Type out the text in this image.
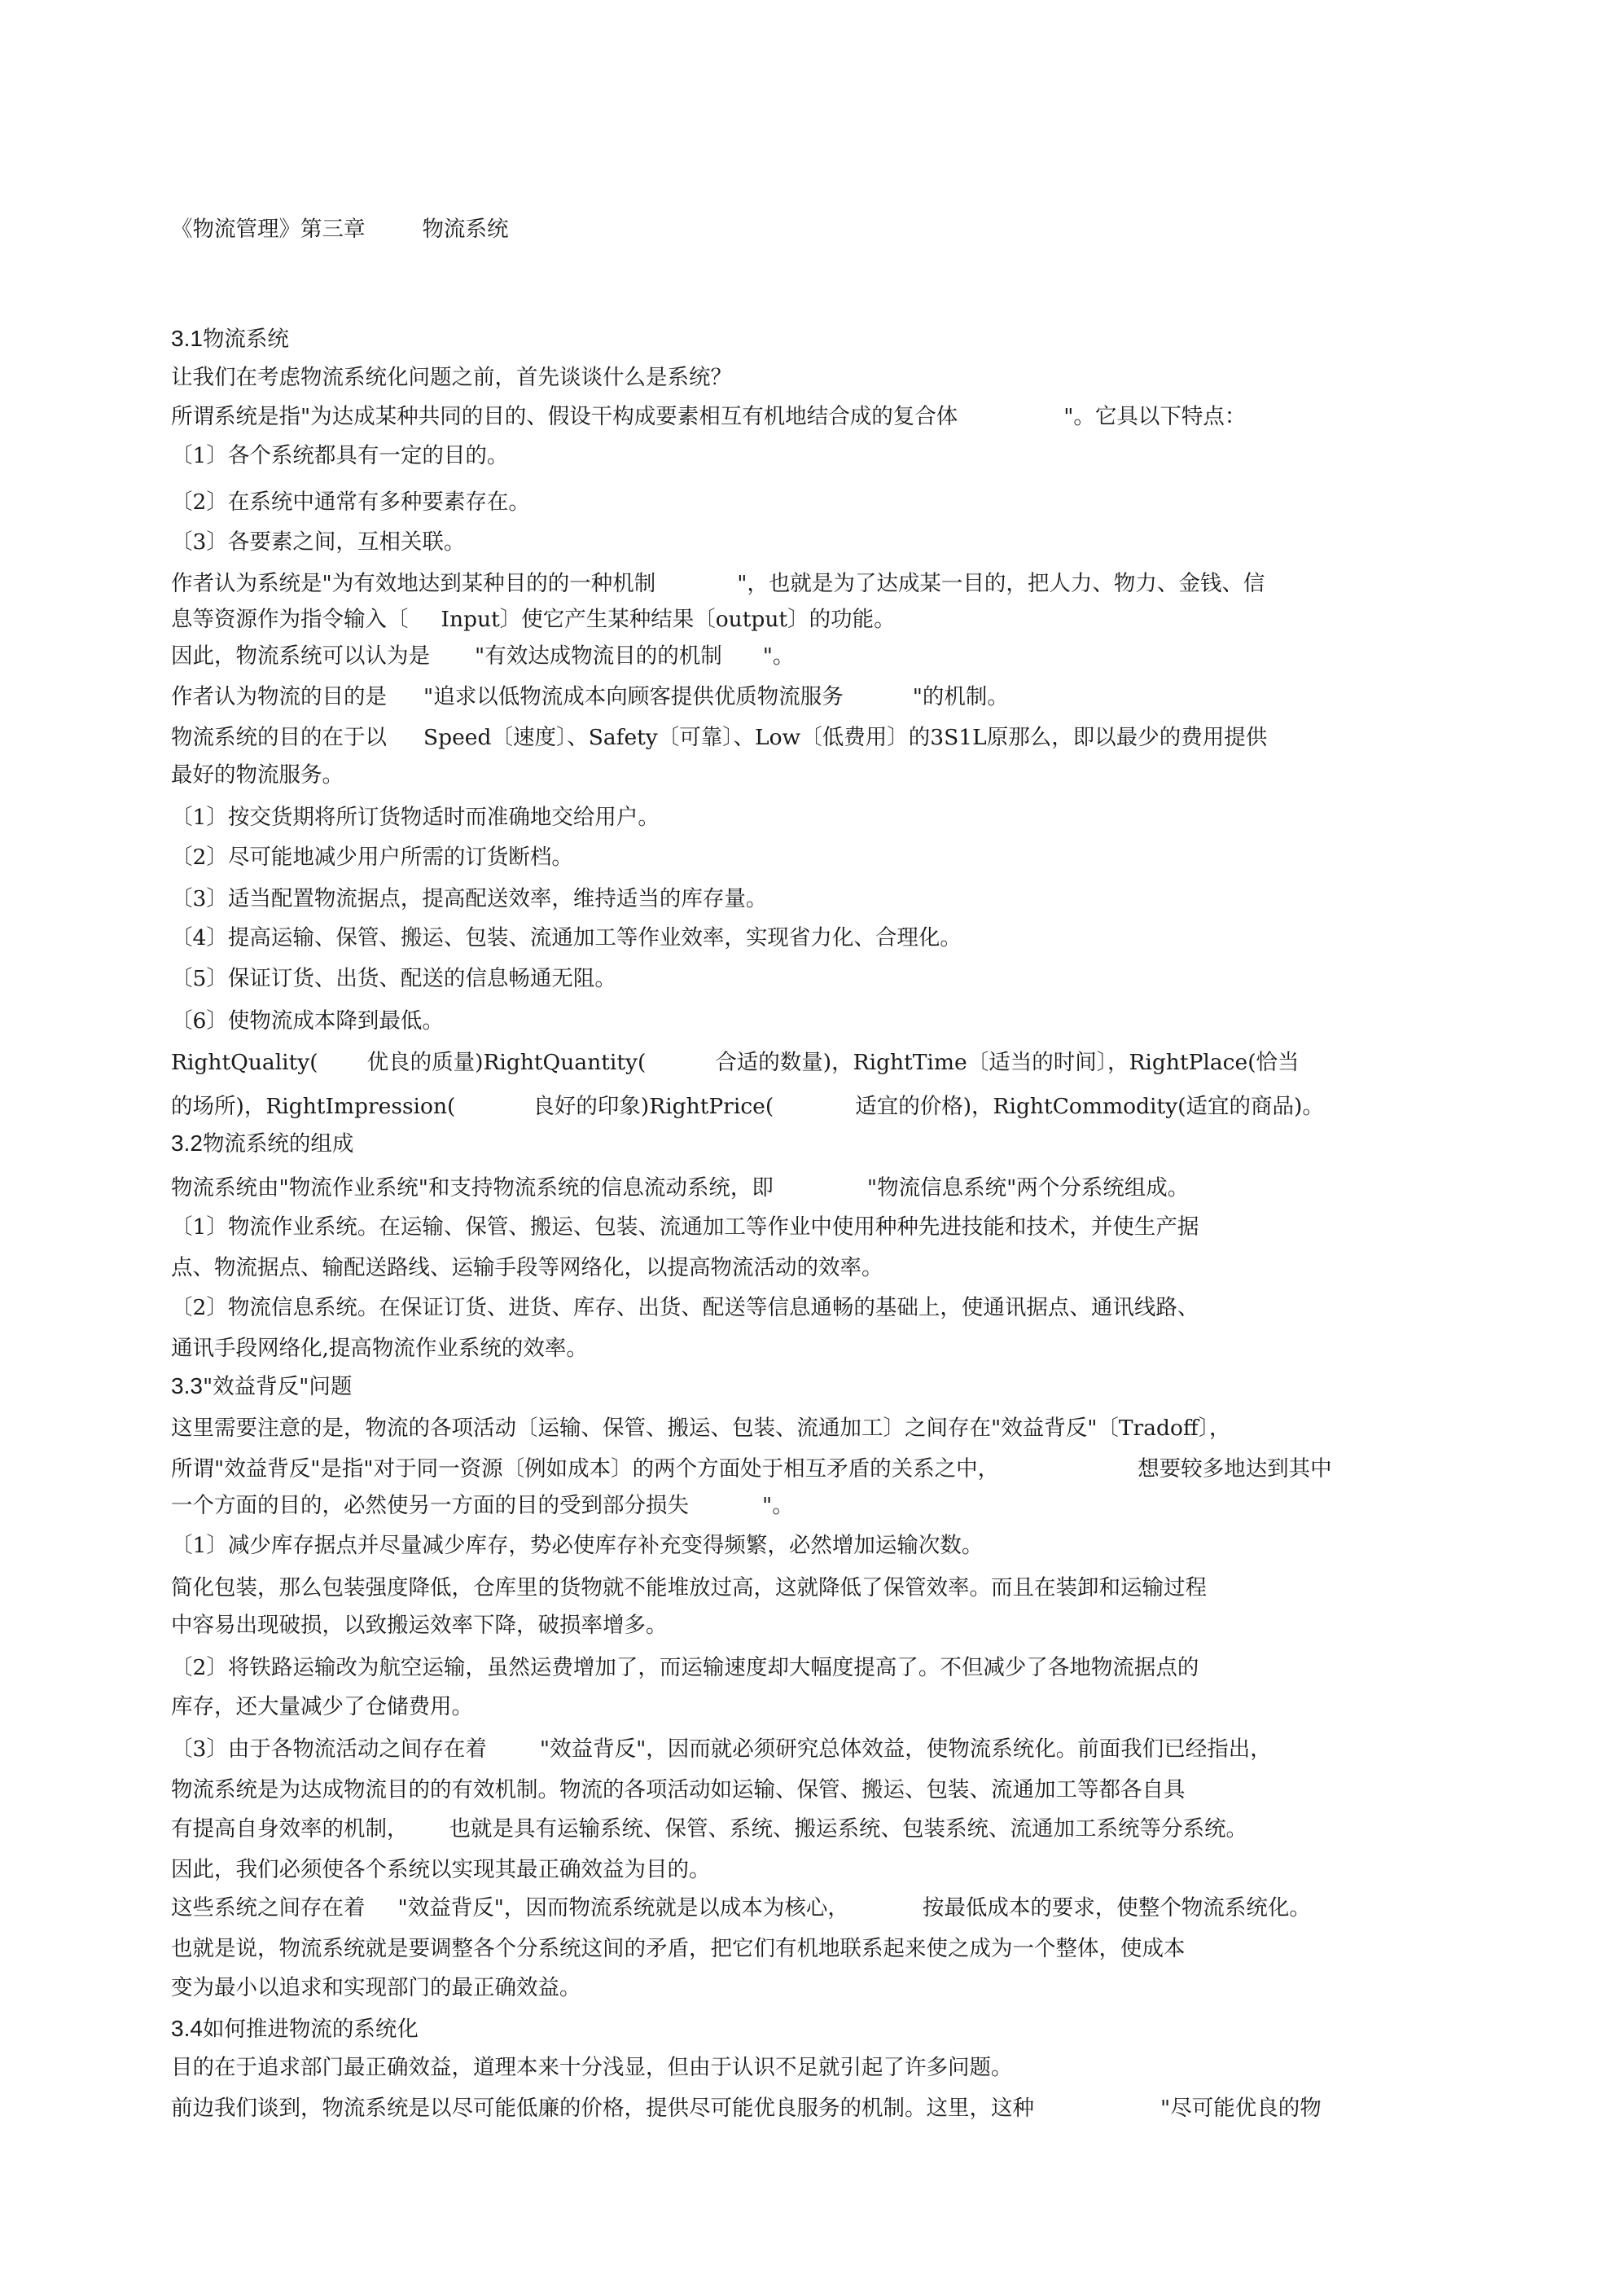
《物流管理》第三章	物流系统
3.1物流系统
让我们在考虑物流系统化问题之前，首先谈谈什么是系统？
所谓系统是指"为达成某种共同的目的、假设干构成要素相互有机地结合成的复合体	"。它具以下特点：
〔1〕各个系统都具有一定的目的。
〔2〕在系统中通常有多种要素存在。
〔3〕各要素之间，互相关联。
作者认为系统是"为有效地达到某种目的的一种机制	"，也就是为了达成某一目的，把人力、物力、金钱、信
息等资源作为指令输入〔 Input〕使它产生某种结果〔output〕的功能。
因此，物流系统可以认为是 "有效达成物流目的的机制 "。
作者认为物流的目的是 "追求以低物流成本向顾客提供优质物流服务	"的机制。
物流系统的目的在于以 Speed〔速度〕、Safety〔可靠〕、Low〔低费用〕的3S1L原那么，即以最少的费用提供
最好的物流服务。
〔1〕按交货期将所订货物适时而准确地交给用户。
〔2〕尽可能地减少用户所需的订货断档。
〔3〕适当配置物流据点，提高配送效率，维持适当的库存量。
〔4〕提高运输、保管、搬运、包装、流通加工等作业效率，实现省力化、合理化。
〔5〕保证订货、出货、配送的信息畅通无阻。
〔6〕使物流成本降到最低。
RightQuality( 优良的质量)RightQuantity(	合适的数量)，RightTime〔适当的时间〕，RightPlace(恰当
的场所)，RightImpression(	良好的印象)RightPrice(	适宜的价格)，RightCommodity(适宜的商品)。
3.2物流系统的组成
物流系统由"物流作业系统"和支持物流系统的信息流动系统，即	"物流信息系统"两个分系统组成。
〔1〕物流作业系统。在运输、保管、搬运、包装、流通加工等作业中使用种种先进技能和技术，并使生产据
点、物流据点、输配送路线、运输手段等网络化，以提高物流活动的效率。
〔2〕物流信息系统。在保证订货、进货、库存、出货、配送等信息通畅的基础上，使通讯据点、通讯线路、
通讯手段网络化,提高物流作业系统的效率。
3.3"效益背反"问题
这里需要注意的是，物流的各项活动〔运输、保管、搬运、包装、流通加工〕之间存在"效益背反"〔Tradoff〕，
所谓"效益背反"是指"对于同一资源〔例如成本〕的两个方面处于相互矛盾的关系之中，	想要较多地达到其中
一个方面的目的，必然使另一方面的目的受到部分损失	"。
〔1〕减少库存据点并尽量减少库存，势必使库存补充变得频繁，必然增加运输次数。
简化包装，那么包装强度降低，仓库里的货物就不能堆放过高，这就降低了保管效率。而且在装卸和运输过程
中容易出现破损，以致搬运效率下降，破损率增多。
〔2〕将铁路运输改为航空运输，虽然运费增加了，而运输速度却大幅度提高了。不但减少了各地物流据点的
库存，还大量减少了仓储费用。
〔3〕由于各物流活动之间存在着 "效益背反"，因而就必须研究总体效益，使物流系统化。前面我们已经指出，
物流系统是为达成物流目的的有效机制。物流的各项活动如运输、保管、搬运、包装、流通加工等都各自具
有提高自身效率的机制， 也就是具有运输系统、保管、系统、搬运系统、包装系统、流通加工系统等分系统。
因此，我们必须使各个系统以实现其最正确效益为目的。
这些系统之间存在着 "效益背反"，因而物流系统就是以成本为核心，	按最低成本的要求，使整个物流系统化。
也就是说，物流系统就是要调整各个分系统这间的矛盾，把它们有机地联系起来使之成为一个整体，使成本
变为最小以追求和实现部门的最正确效益。
3.4如何推进物流的系统化
目的在于追求部门最正确效益，道理本来十分浅显，但由于认识不足就引起了许多问题。
前边我们谈到，物流系统是以尽可能低廉的价格，提供尽可能优良服务的机制。这里，这种	"尽可能优良的物
